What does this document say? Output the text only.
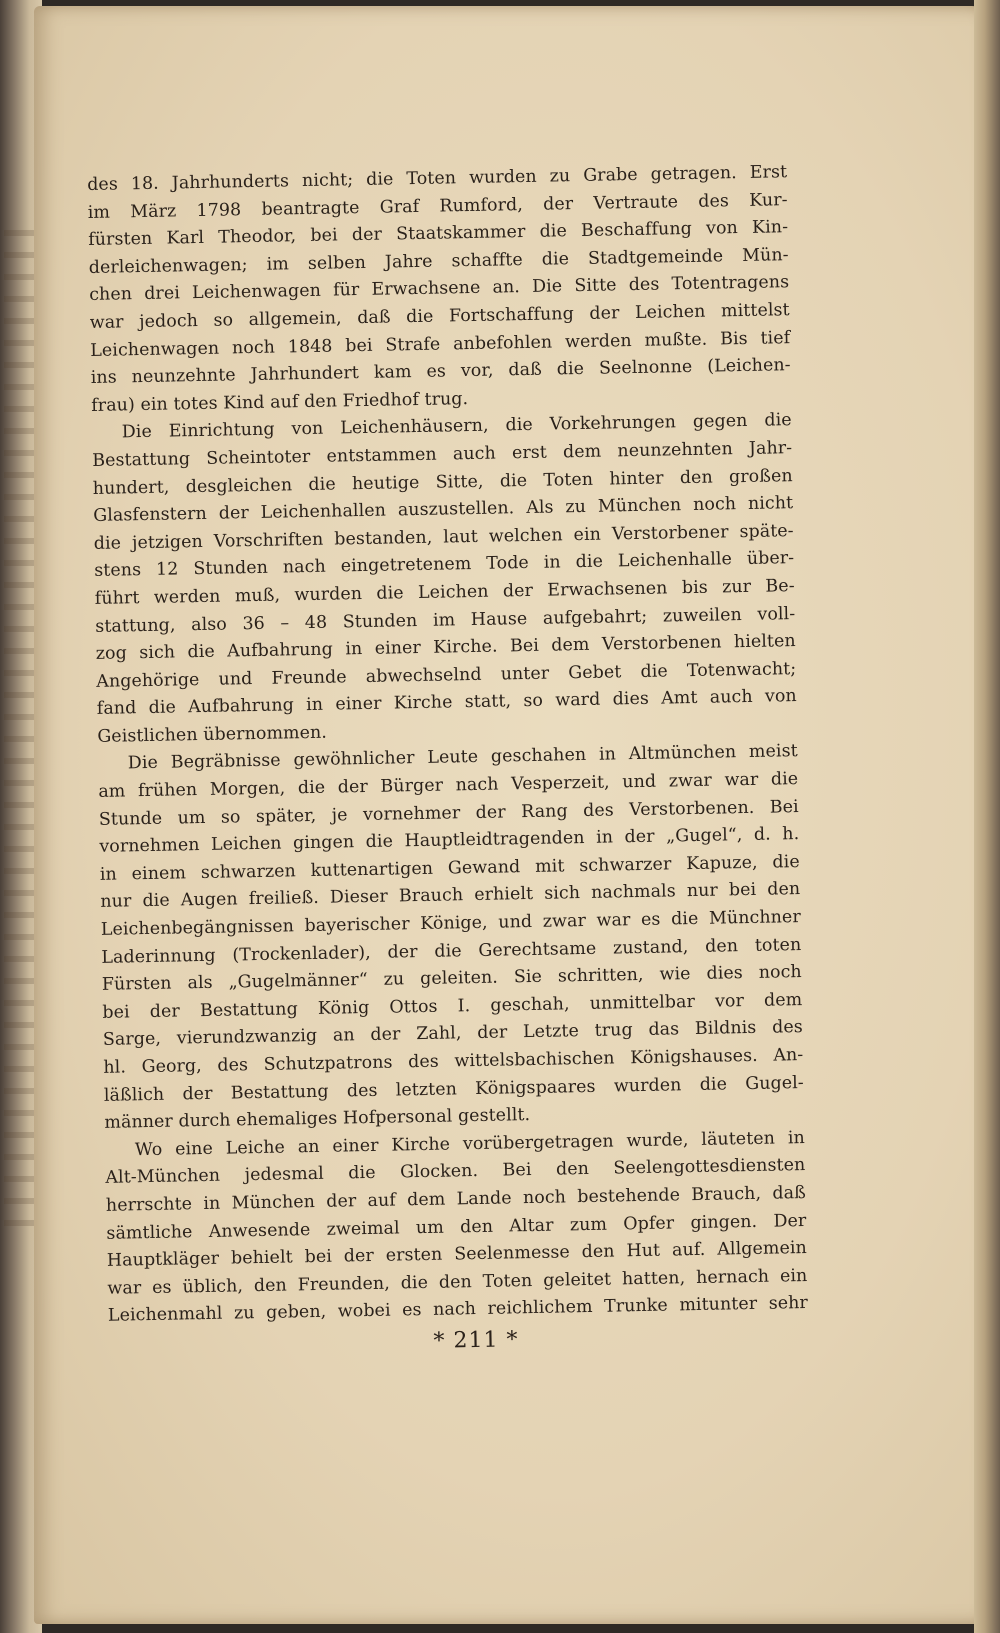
des 18. Jahrhunderts nicht; die Toten wurden zu Grabe getragen. Erst
im März 1798 beantragte Graf Rumford, der Vertraute des Kur-
fürsten Karl Theodor, bei der Staatskammer die Beschaffung von Kin-
derleichenwagen; im selben Jahre schaffte die Stadtgemeinde Mün-
chen drei Leichenwagen für Erwachsene an. Die Sitte des Totentragens
war jedoch so allgemein, daß die Fortschaffung der Leichen mittelst
Leichenwagen noch 1848 bei Strafe anbefohlen werden mußte. Bis tief
ins neunzehnte Jahrhundert kam es vor, daß die Seelnonne (Leichen-
frau) ein totes Kind auf den Friedhof trug.
Die Einrichtung von Leichenhäusern, die Vorkehrungen gegen die
Bestattung Scheintoter entstammen auch erst dem neunzehnten Jahr-
hundert, desgleichen die heutige Sitte, die Toten hinter den großen
Glasfenstern der Leichenhallen auszustellen. Als zu München noch nicht
die jetzigen Vorschriften bestanden, laut welchen ein Verstorbener späte-
stens 12 Stunden nach eingetretenem Tode in die Leichenhalle über-
führt werden muß, wurden die Leichen der Erwachsenen bis zur Be-
stattung, also 36 – 48 Stunden im Hause aufgebahrt; zuweilen voll-
zog sich die Aufbahrung in einer Kirche. Bei dem Verstorbenen hielten
Angehörige und Freunde abwechselnd unter Gebet die Totenwacht;
fand die Aufbahrung in einer Kirche statt, so ward dies Amt auch von
Geistlichen übernommen.
Die Begräbnisse gewöhnlicher Leute geschahen in Altmünchen meist
am frühen Morgen, die der Bürger nach Vesperzeit, und zwar war die
Stunde um so später, je vornehmer der Rang des Verstorbenen. Bei
vornehmen Leichen gingen die Hauptleidtragenden in der „Gugel“, d. h.
in einem schwarzen kuttenartigen Gewand mit schwarzer Kapuze, die
nur die Augen freiließ. Dieser Brauch erhielt sich nachmals nur bei den
Leichenbegängnissen bayerischer Könige, und zwar war es die Münchner
Laderinnung (Trockenlader), der die Gerechtsame zustand, den toten
Fürsten als „Gugelmänner“ zu geleiten. Sie schritten, wie dies noch
bei der Bestattung König Ottos I. geschah, unmittelbar vor dem
Sarge, vierundzwanzig an der Zahl, der Letzte trug das Bildnis des
hl. Georg, des Schutzpatrons des wittelsbachischen Königshauses. An-
läßlich der Bestattung des letzten Königspaares wurden die Gugel-
männer durch ehemaliges Hofpersonal gestellt.
Wo eine Leiche an einer Kirche vorübergetragen wurde, läuteten in
Alt-München jedesmal die Glocken. Bei den Seelengottesdiensten
herrschte in München der auf dem Lande noch bestehende Brauch, daß
sämtliche Anwesende zweimal um den Altar zum Opfer gingen. Der
Hauptkläger behielt bei der ersten Seelenmesse den Hut auf. Allgemein
war es üblich, den Freunden, die den Toten geleitet hatten, hernach ein
Leichenmahl zu geben, wobei es nach reichlichem Trunke mitunter sehr
* 211 *
